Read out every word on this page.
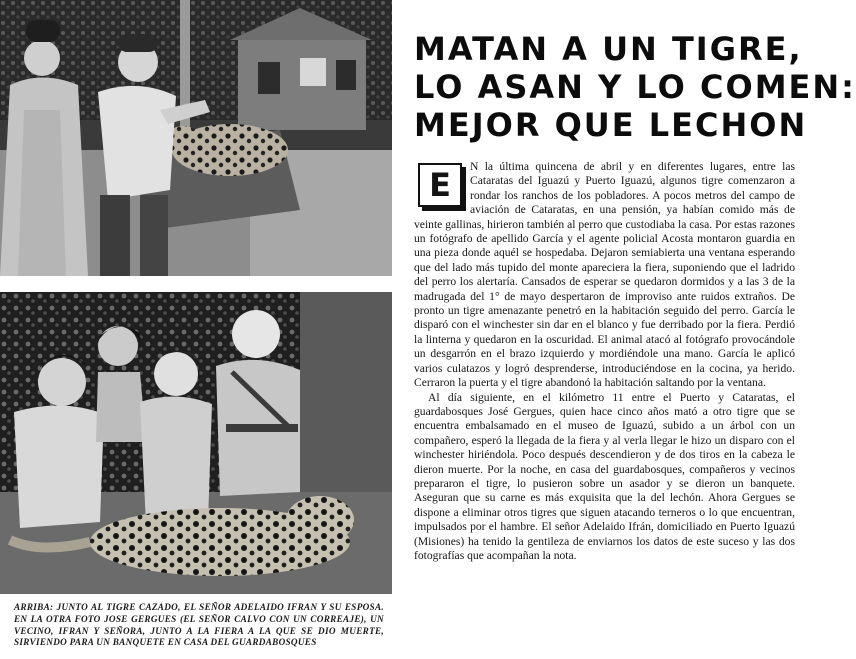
ARRIBA: JUNTO AL TIGRE CAZADO, EL SEÑOR ADELAIDO IFRAN Y SU ESPOSA. EN LA OTRA FOTO JOSE GERGUES (EL SEÑOR CALVO CON UN CORREAJE), UN VECINO, IFRAN Y SEÑORA, JUNTO A LA FIERA A LA QUE SE DIO MUERTE, SIRVIENDO PARA UN BANQUETE EN CASA DEL GUARDABOSQUES
MATAN A UN TIGRE,
LO ASAN Y LO COMEN:
MEJOR QUE LECHON
E	N la última quincena de abril y en diferentes lugares, entre las Cataratas del Iguazú y Puerto Iguazú, algunos tigre comenzaron a rondar los ranchos de los pobladores. A pocos metros del campo de aviación de Cataratas, en una pensión, ya habían comido más de veinte gallinas, hirieron también al perro que custodiaba la casa. Por estas razones un fotógrafo de apellido García y el agente policial Acosta montaron guardia en una pieza donde aquél se hospedaba. Dejaron semiabierta una ventana esperando que del lado más tupido del monte apareciera la fiera, suponiendo que el ladrido del perro los alertaría. Cansados de esperar se quedaron dormidos y a las 3 de la madrugada del 1° de mayo despertaron de improviso ante ruidos extraños. De pronto un tigre amenazante penetró en la habitación seguido del perro. García le disparó con el winchester sin dar en el blanco y fue derribado por la fiera. Perdió la linterna y quedaron en la oscuridad. El animal atacó al fotógrafo provocándole un desgarrón en el brazo izquierdo y mordiéndole una mano. García le aplicó varios culatazos y logró desprenderse, introduciéndose en la cocina, ya herido. Cerraron la puerta y el tigre abandonó la habitación saltando por la ventana.

Al día siguiente, en el kilómetro 11 entre el Puerto y Cataratas, el guardabosques José Gergues, quien hace cinco años mató a otro tigre que se encuentra embalsamado en el museo de Iguazú, subido a un árbol con un compañero, esperó la llegada de la fiera y al verla llegar le hizo un disparo con el winchester hiriéndola. Poco después descendieron y de dos tiros en la cabeza le dieron muerte. Por la noche, en casa del guardabosques, compañeros y vecinos prepararon el tigre, lo pusieron sobre un asador y se dieron un banquete. Aseguran que su carne es más exquisita que la del lechón. Ahora Gergues se dispone a eliminar otros tigres que siguen atacando terneros o lo que encuentran, impulsados por el hambre. El señor Adelaido Ifrán, domiciliado en Puerto Iguazú (Misiones) ha tenido la gentileza de enviarnos los datos de este suceso y las dos fotografías que acompañan la nota.
